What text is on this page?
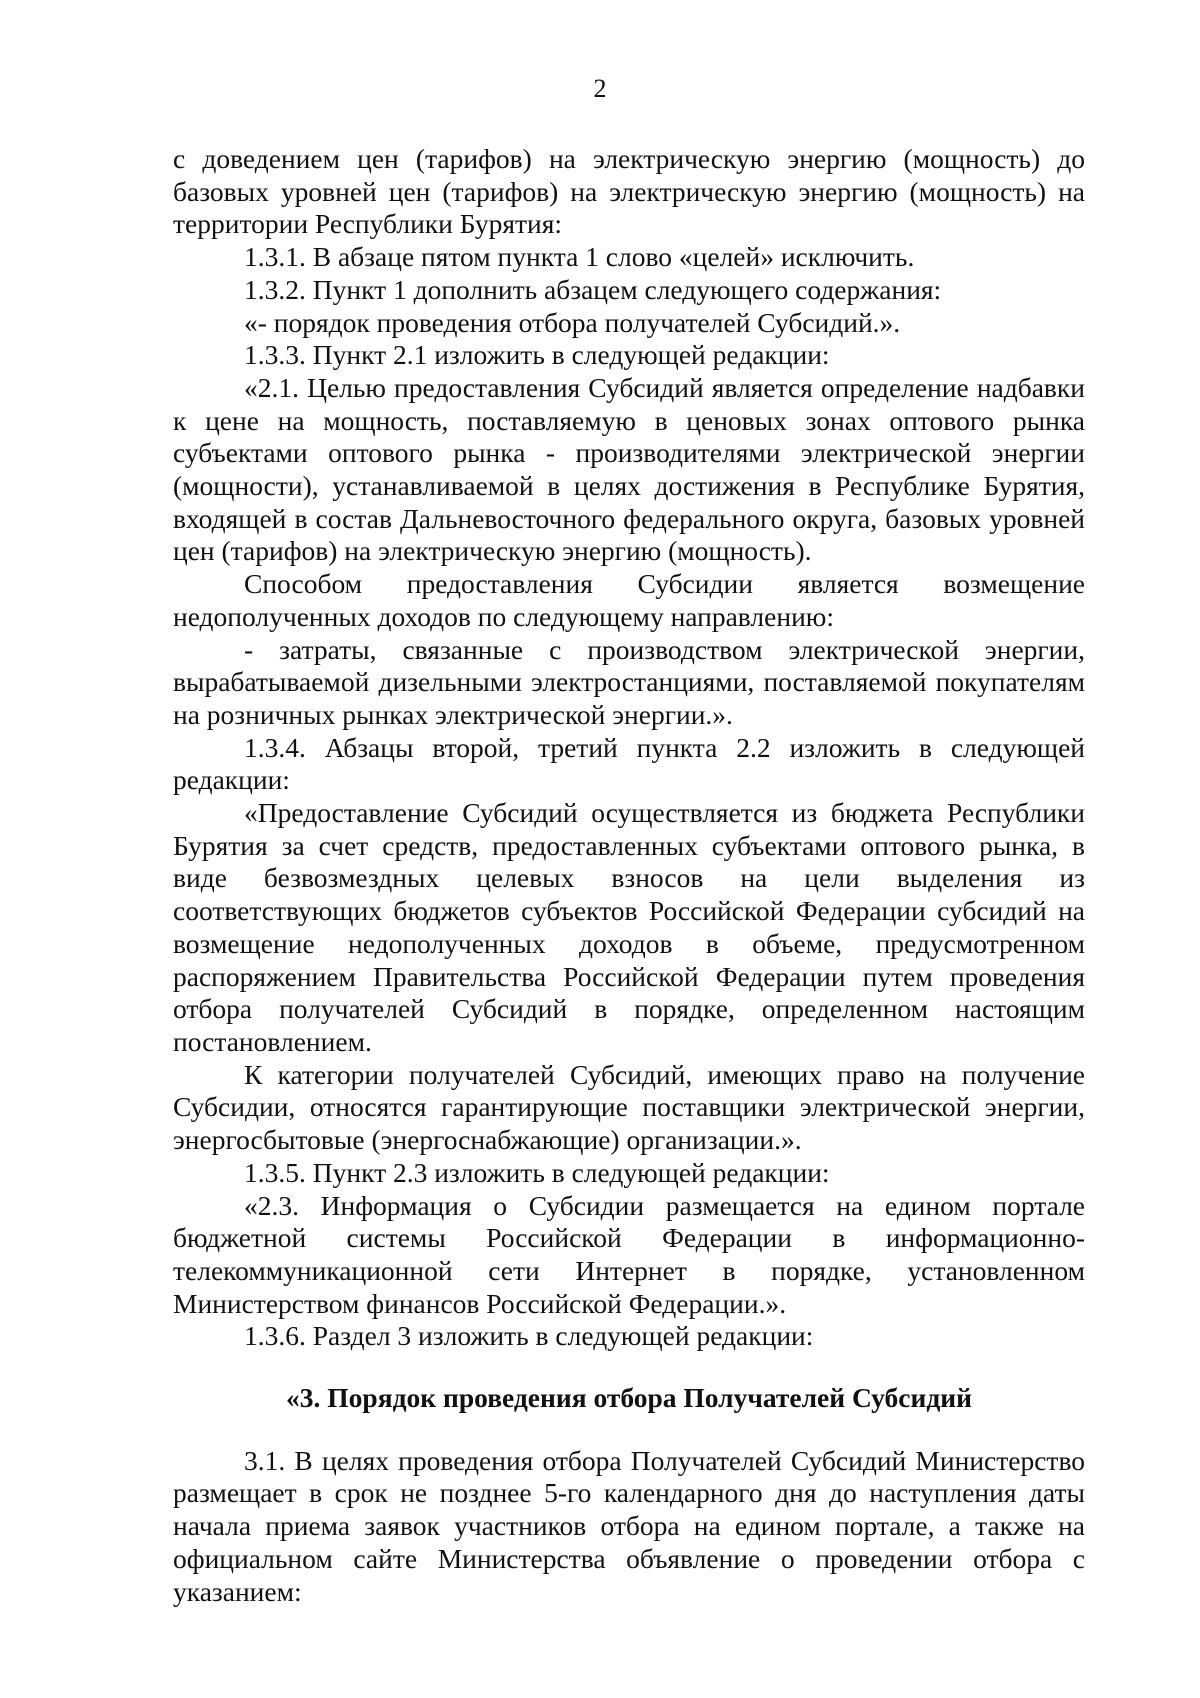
2

с доведением цен (тарифов) на электрическую энергию (мощность) до базовых уровней цен (тарифов) на электрическую энергию (мощность) на территории Республики Бурятия:

1.3.1. В абзаце пятом пункта 1 слово «целей» исключить.

1.3.2. Пункт 1 дополнить абзацем следующего содержания:

«- порядок проведения отбора получателей Субсидий.».

1.3.3. Пункт 2.1 изложить в следующей редакции:

«2.1. Целью предоставления Субсидий является определение надбавки к цене на мощность, поставляемую в ценовых зонах оптового рынка субъектами оптового рынка - производителями электрической энергии (мощности), устанавливаемой в целях достижения в Республике Бурятия, входящей в состав Дальневосточного федерального округа, базовых уровней цен (тарифов) на электрическую энергию (мощность).

Способом предоставления Субсидии является возмещение недополученных доходов по следующему направлению:

- затраты, связанные с производством электрической энергии, вырабатываемой дизельными электростанциями, поставляемой покупателям на розничных рынках электрической энергии.».

1.3.4. Абзацы второй, третий пункта 2.2 изложить в следующей редакции:

«Предоставление Субсидий осуществляется из бюджета Республики Бурятия за счет средств, предоставленных субъектами оптового рынка, в виде безвозмездных целевых взносов на цели выделения из соответствующих бюджетов субъектов Российской Федерации субсидий на возмещение недополученных доходов в объеме, предусмотренном распоряжением Правительства Российской Федерации путем проведения отбора получателей Субсидий в порядке, определенном настоящим постановлением.

К категории получателей Субсидий, имеющих право на получение Субсидии, относятся гарантирующие поставщики электрической энергии, энергосбытовые (энергоснабжающие) организации.».

1.3.5. Пункт 2.3 изложить в следующей редакции:

«2.3. Информация о Субсидии размещается на едином портале бюджетной системы Российской Федерации в информационно-телекоммуникационной сети Интернет в порядке, установленном Министерством финансов Российской Федерации.».

1.3.6. Раздел 3 изложить в следующей редакции:

«3. Порядок проведения отбора Получателей Субсидий

3.1. В целях проведения отбора Получателей Субсидий Министерство размещает в срок не позднее 5-го календарного дня до наступления даты начала приема заявок участников отбора на едином портале, а также на официальном сайте Министерства объявление о проведении отбора с указанием:
